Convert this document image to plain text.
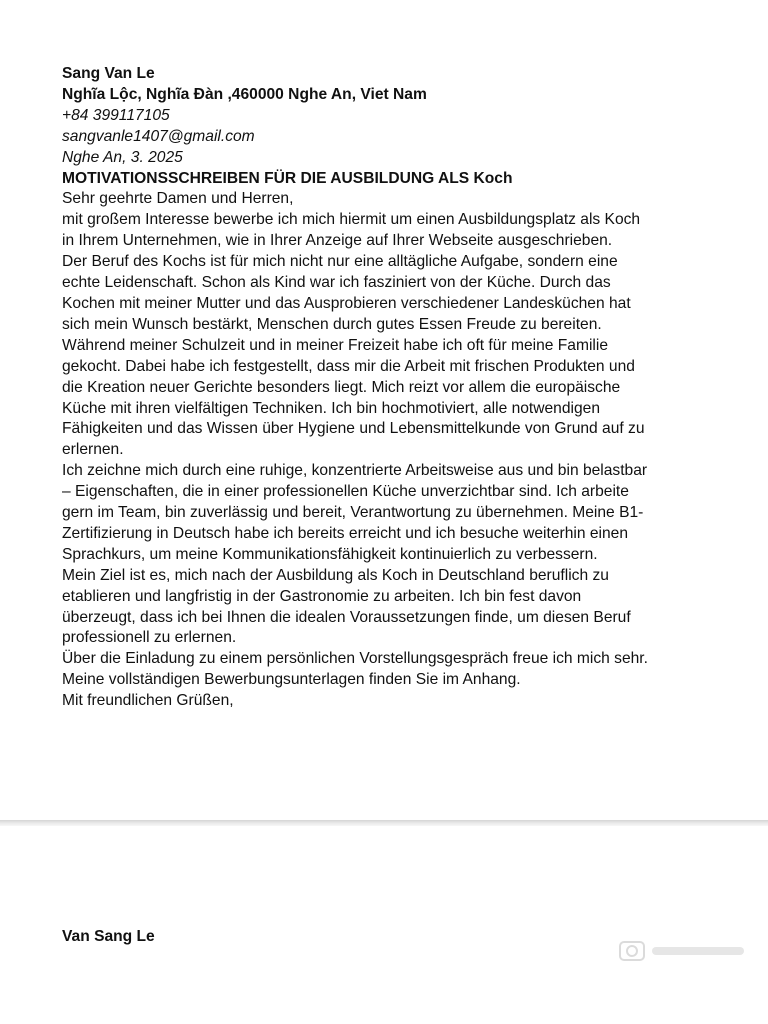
Sang Van Le
Nghĩa Lộc, Nghĩa Đàn ,460000 Nghe An, Viet Nam
+84 399117105
sangvanle1407@gmail.com
Nghe An, 3. 2025
MOTIVATIONSSCHREIBEN FÜR DIE AUSBILDUNG ALS Koch
Sehr geehrte Damen und Herren,
mit großem Interesse bewerbe ich mich hiermit um einen Ausbildungsplatz als Koch
in Ihrem Unternehmen, wie in Ihrer Anzeige auf Ihrer Webseite ausgeschrieben.
Der Beruf des Kochs ist für mich nicht nur eine alltägliche Aufgabe, sondern eine
echte Leidenschaft. Schon als Kind war ich fasziniert von der Küche. Durch das
Kochen mit meiner Mutter und das Ausprobieren verschiedener Landesküchen hat
sich mein Wunsch bestärkt, Menschen durch gutes Essen Freude zu bereiten.
Während meiner Schulzeit und in meiner Freizeit habe ich oft für meine Familie
gekocht. Dabei habe ich festgestellt, dass mir die Arbeit mit frischen Produkten und
die Kreation neuer Gerichte besonders liegt. Mich reizt vor allem die europäische
Küche mit ihren vielfältigen Techniken. Ich bin hochmotiviert, alle notwendigen
Fähigkeiten und das Wissen über Hygiene und Lebensmittelkunde von Grund auf zu
erlernen.
Ich zeichne mich durch eine ruhige, konzentrierte Arbeitsweise aus und bin belastbar
– Eigenschaften, die in einer professionellen Küche unverzichtbar sind. Ich arbeite
gern im Team, bin zuverlässig und bereit, Verantwortung zu übernehmen. Meine B1-
Zertifizierung in Deutsch habe ich bereits erreicht und ich besuche weiterhin einen
Sprachkurs, um meine Kommunikationsfähigkeit kontinuierlich zu verbessern.
Mein Ziel ist es, mich nach der Ausbildung als Koch in Deutschland beruflich zu
etablieren und langfristig in der Gastronomie zu arbeiten. Ich bin fest davon
überzeugt, dass ich bei Ihnen die idealen Voraussetzungen finde, um diesen Beruf
professionell zu erlernen.
Über die Einladung zu einem persönlichen Vorstellungsgespräch freue ich mich sehr.
Meine vollständigen Bewerbungsunterlagen finden Sie im Anhang.
Mit freundlichen Grüßen,
Van Sang Le
